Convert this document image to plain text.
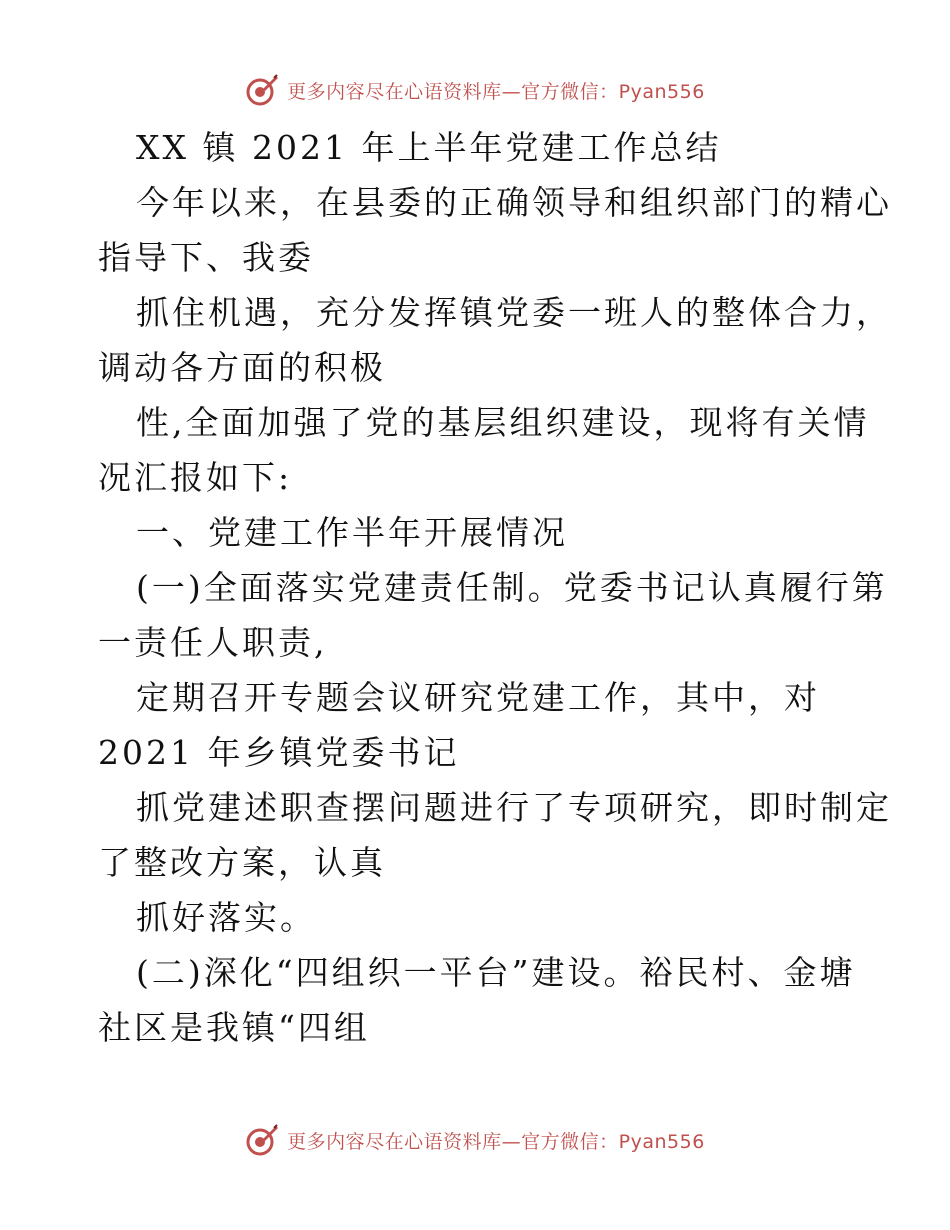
更多内容尽在心语资料库—官方微信：Pyan556
XX 镇 2021 年上半年党建工作总结
今年以来，在县委的正确领导和组织部门的精心
指导下、我委
抓住机遇，充分发挥镇党委一班人的整体合力，
调动各方面的积极
性,全面加强了党的基层组织建设，现将有关情
况汇报如下:
一、党建工作半年开展情况
(一)全面落实党建责任制。党委书记认真履行第
一责任人职责,
定期召开专题会议研究党建工作，其中，对
2021 年乡镇党委书记
抓党建述职查摆问题进行了专项研究，即时制定
了整改方案，认真
抓好落实。
(二)深化“四组织一平台”建设。裕民村、金塘
社区是我镇“四组
更多内容尽在心语资料库—官方微信：Pyan556
